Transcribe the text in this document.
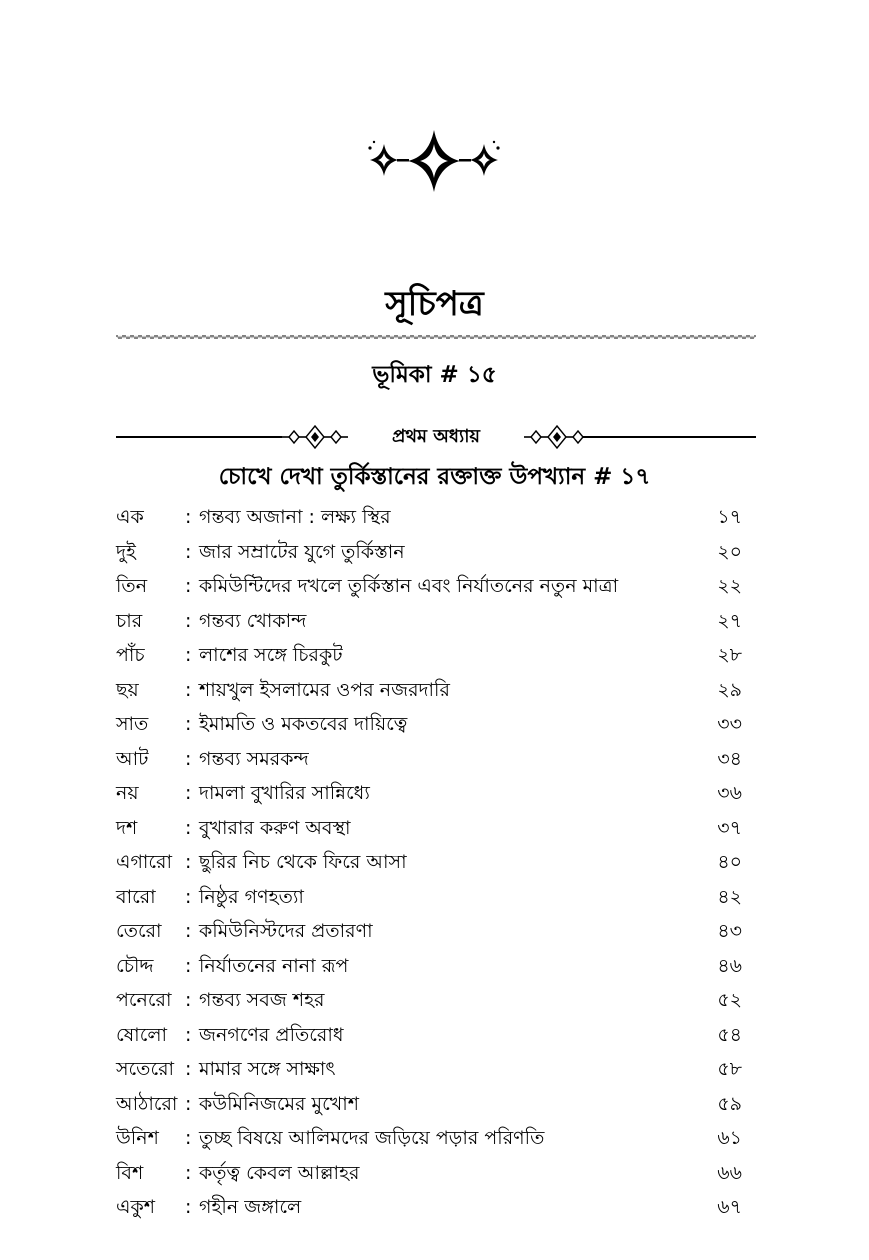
সূচিপত্র
ভূমিকা # ১৫
প্রথম অধ্যায়
চোখে দেখা তুর্কিস্তানের রক্তাক্ত উপখ্যান # ১৭
এক : গন্তব্য অজানা : লক্ষ্য স্থির	১৭
দুই	: জার সম্রাটের যুগে তুর্কিস্তান	২০
তিন : কমিউন্টিদের দখলে তুর্কিস্তান এবং নির্যাতনের নতুন মাত্রা	২২
চার : গন্তব্য খোকান্দ	২৭
পাঁচ : লাশের সঙ্গে চিরকুট	২৮
ছয় : শায়খুল ইসলামের ওপর নজরদারি	২৯
সাত : ইমামতি ও মকতবের দায়িত্বে	৩৩
আট : গন্তব্য সমরকন্দ	৩৪
নয় : দামলা বুখারির সান্নিধ্যে	৩৬
দশ	: বুখারার করুণ অবস্থা	৩৭
এগারো : ছুরির নিচ থেকে ফিরে আসা	৪০
বারো : নিষ্ঠুর গণহত্যা	৪২
তেরো : কমিউনিস্টদের প্রতারণা	৪৩
চৌদ্দ : নির্যাতনের নানা রূপ	৪৬
পনেরো : গন্তব্য সবজ শহর	৫২
ষোলো : জনগণের প্রতিরোধ	৫৪
সতেরো : মামার সঙ্গে সাক্ষাৎ	৫৮
আঠারো : কউমিনিজমের মুখোশ	৫৯
উনিশ : তুচ্ছ বিষয়ে আলিমদের জড়িয়ে পড়ার পরিণতি	৬১
বিশ : কর্তৃত্ব কেবল আল্লাহর	৬৬
একুশ : গহীন জঙ্গালে	৬৭
